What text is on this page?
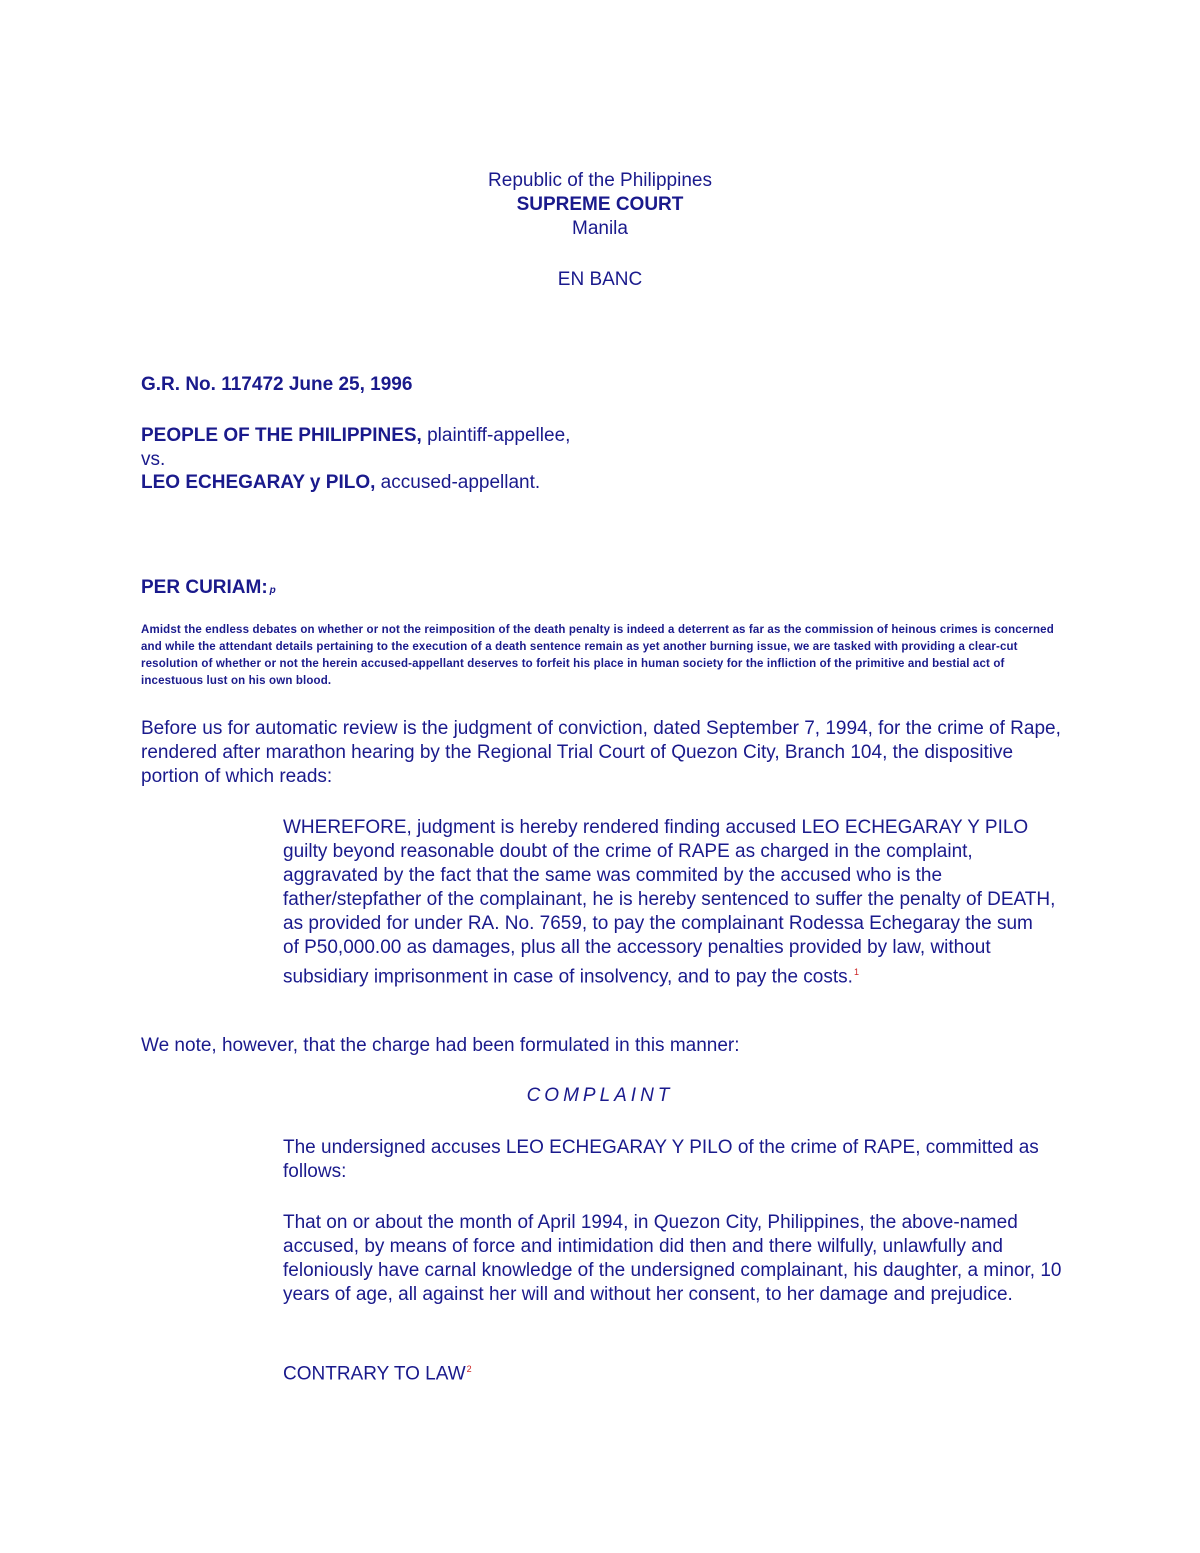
Republic of the Philippines
SUPREME COURT
Manila
EN BANC
G.R. No. 117472 June 25, 1996
PEOPLE OF THE PHILIPPINES, plaintiff-appellee,
vs.
LEO ECHEGARAY y PILO, accused-appellant.
PER CURIAM: p

Amidst the endless debates on whether or not the reimposition of the death penalty is indeed a deterrent as far as the commission of heinous crimes is concerned and while the attendant details pertaining to the execution of a death sentence remain as yet another burning issue, we are tasked with providing a clear-cut resolution of whether or not the herein accused-appellant deserves to forfeit his place in human society for the infliction of the primitive and bestial act of incestuous lust on his own blood.

Before us for automatic review is the judgment of conviction, dated September 7, 1994, for the crime of Rape, rendered after marathon hearing by the Regional Trial Court of Quezon City, Branch 104, the dispositive portion of which reads:

WHEREFORE, judgment is hereby rendered finding accused LEO ECHEGARAY Y PILO guilty beyond reasonable doubt of the crime of RAPE as charged in the complaint, aggravated by the fact that the same was commited by the accused who is the father/stepfather of the complainant, he is hereby sentenced to suffer the penalty of DEATH, as provided for under RA. No. 7659, to pay the complainant Rodessa Echegaray the sum
of P50,000.00 as damages, plus all the accessory penalties provided by law, without subsidiary imprisonment in case of insolvency, and to pay the costs.$^1$

We note, however, that the charge had been formulated in this manner:

COMPLAINT

The undersigned accuses LEO ECHEGARAY Y PILO of the crime of RAPE, committed as follows:

That on or about the month of April 1994, in Quezon City, Philippines, the above-named accused, by means of force and intimidation did then and there wilfully, unlawfully and feloniously have carnal knowledge of the undersigned complainant, his daughter, a minor, 10 years of age, all against her will and without her consent, to her damage and prejudice.

CONTRARY TO LAW$^2$
